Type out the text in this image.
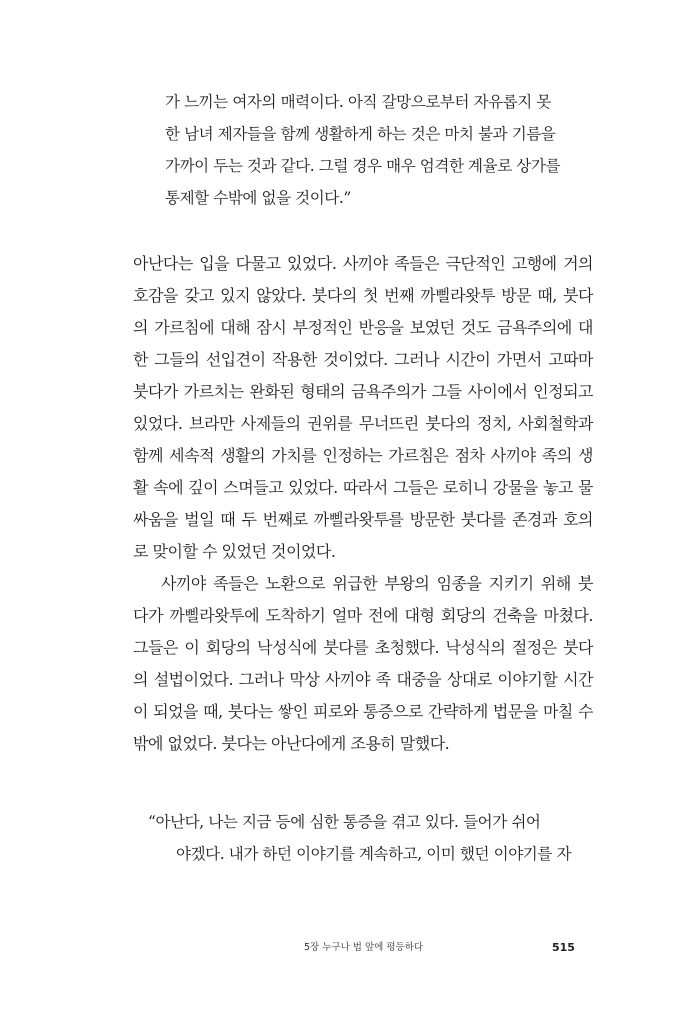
가 느끼는 여자의 매력이다. 아직 갈망으로부터 자유롭지 못
한 남녀 제자들을 함께 생활하게 하는 것은 마치 불과 기름을
가까이 두는 것과 같다. 그럴 경우 매우 엄격한 계율로 상가를
통제할 수밖에 없을 것이다.”
아난다는 입을 다물고 있었다. 사끼야 족들은 극단적인 고행에 거의
호감을 갖고 있지 않았다. 붓다의 첫 번째 까삘라왓투 방문 때, 붓다
의 가르침에 대해 잠시 부정적인 반응을 보였던 것도 금욕주의에 대
한 그들의 선입견이 작용한 것이었다. 그러나 시간이 가면서 고따마
붓다가 가르치는 완화된 형태의 금욕주의가 그들 사이에서 인정되고
있었다. 브라만 사제들의 권위를 무너뜨린 붓다의 정치, 사회철학과
함께 세속적 생활의 가치를 인정하는 가르침은 점차 사끼야 족의 생
활 속에 깊이 스며들고 있었다. 따라서 그들은 로히니 강물을 놓고 물
싸움을 벌일 때 두 번째로 까삘라왓투를 방문한 붓다를 존경과 호의
로 맞이할 수 있었던 것이었다.
사끼야 족들은 노환으로 위급한 부왕의 임종을 지키기 위해 붓
다가 까삘라왓투에 도착하기 얼마 전에 대형 회당의 건축을 마쳤다.
그들은 이 회당의 낙성식에 붓다를 초청했다. 낙성식의 절정은 붓다
의 설법이었다. 그러나 막상 사끼야 족 대중을 상대로 이야기할 시간
이 되었을 때, 붓다는 쌓인 피로와 통증으로 간략하게 법문을 마칠 수
밖에 없었다. 붓다는 아난다에게 조용히 말했다.
“아난다, 나는 지금 등에 심한 통증을 겪고 있다. 들어가 쉬어
야겠다. 내가 하던 이야기를 계속하고, 이미 했던 이야기를 자
5장 누구나 법 앞에 평등하다	515
